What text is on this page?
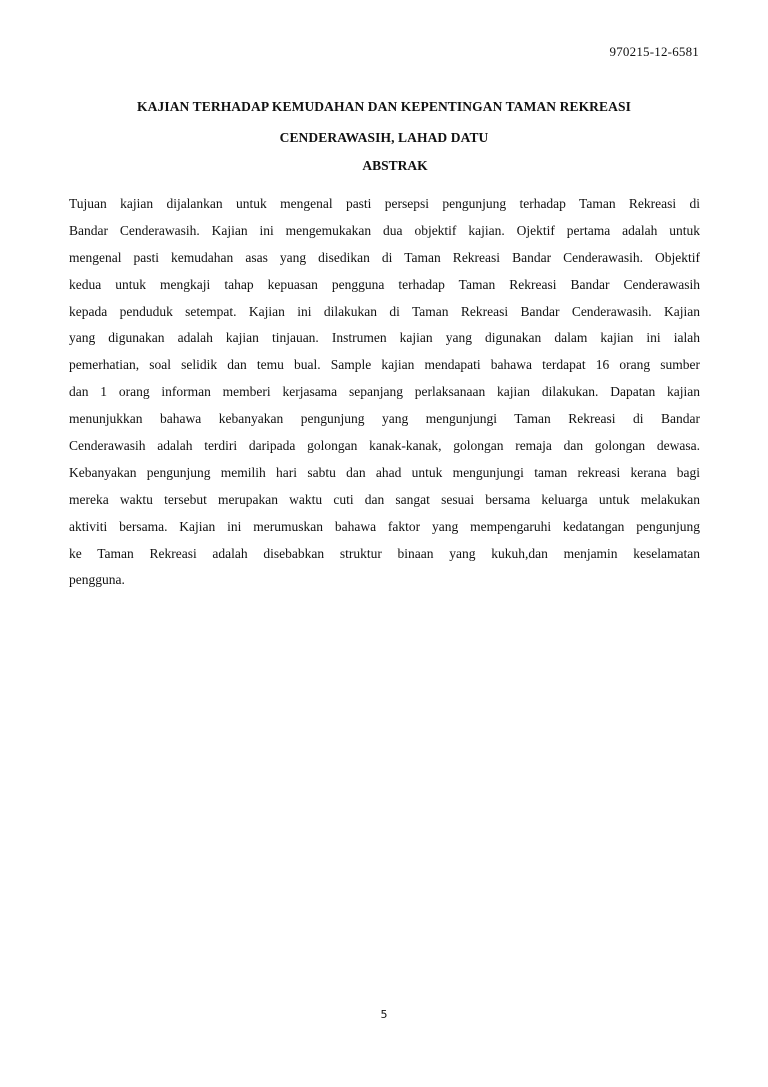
970215-12-6581
KAJIAN TERHADAP KEMUDAHAN DAN KEPENTINGAN TAMAN REKREASI
CENDERAWASIH, LAHAD DATU
ABSTRAK
Tujuan kajian dijalankan untuk mengenal pasti persepsi pengunjung terhadap Taman Rekreasi di
Bandar Cenderawasih. Kajian ini mengemukakan dua objektif kajian. Ojektif pertama adalah untuk
mengenal pasti kemudahan asas yang disedikan di Taman Rekreasi Bandar Cenderawasih. Objektif
kedua untuk mengkaji tahap kepuasan pengguna terhadap Taman Rekreasi Bandar Cenderawasih
kepada penduduk setempat. Kajian ini dilakukan di Taman Rekreasi Bandar Cenderawasih. Kajian
yang digunakan adalah kajian tinjauan. Instrumen kajian yang digunakan dalam kajian ini ialah
pemerhatian, soal selidik dan temu bual. Sample kajian mendapati bahawa terdapat 16 orang sumber
dan 1 orang informan memberi kerjasama sepanjang perlaksanaan kajian dilakukan. Dapatan kajian
menunjukkan bahawa kebanyakan pengunjung yang mengunjungi Taman Rekreasi di Bandar
Cenderawasih adalah terdiri daripada golongan kanak-kanak, golongan remaja dan golongan dewasa.
Kebanyakan pengunjung memilih hari sabtu dan ahad untuk mengunjungi taman rekreasi kerana bagi
mereka waktu tersebut merupakan waktu cuti dan sangat sesuai bersama keluarga untuk melakukan
aktiviti bersama. Kajian ini merumuskan bahawa faktor yang mempengaruhi kedatangan pengunjung
ke Taman Rekreasi adalah disebabkan struktur binaan yang kukuh,dan menjamin keselamatan
pengguna.
5
